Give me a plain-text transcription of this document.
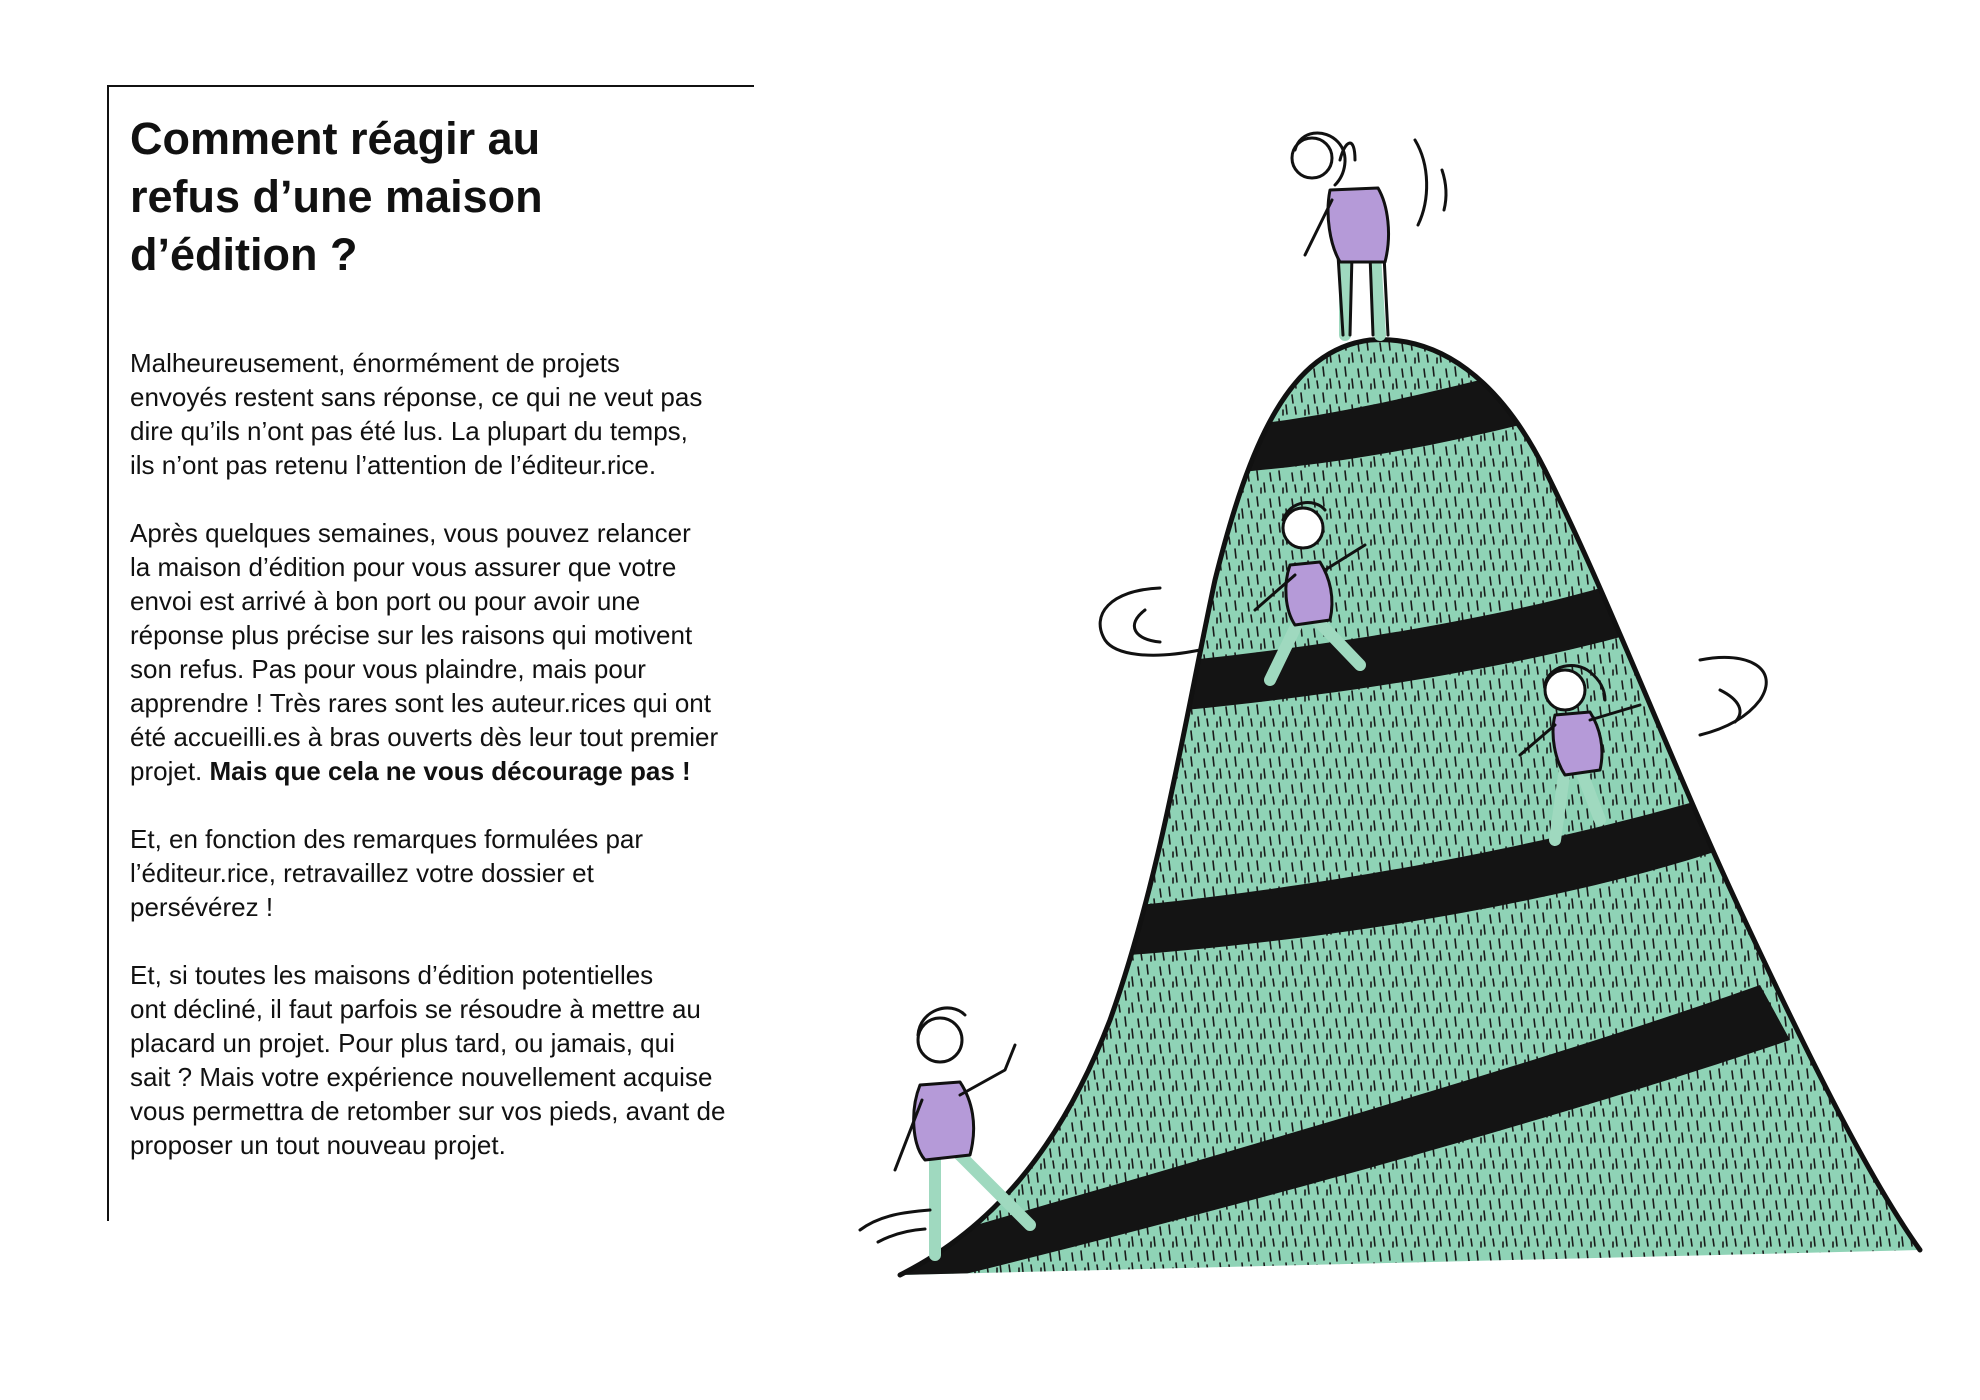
Comment réagir au
refus d’une maison
d’édition ?

Malheureusement, énormément de projets
envoyés restent sans réponse, ce qui ne veut pas
dire qu’ils n’ont pas été lus. La plupart du temps,
ils n’ont pas retenu l’attention de l’éditeur.rice.

Après quelques semaines, vous pouvez relancer
la maison d’édition pour vous assurer que votre
envoi est arrivé à bon port ou pour avoir une
réponse plus précise sur les raisons qui motivent
son refus. Pas pour vous plaindre, mais pour
apprendre ! Très rares sont les auteur.rices qui ont
été accueilli.es à bras ouverts dès leur tout premier
projet. Mais que cela ne vous décourage pas !

Et, en fonction des remarques formulées par
l’éditeur.rice, retravaillez votre dossier et
persévérez !

Et, si toutes les maisons d’édition potentielles
ont décliné, il faut parfois se résoudre à mettre au
placard un projet. Pour plus tard, ou jamais, qui
sait ? Mais votre expérience nouvellement acquise
vous permettra de retomber sur vos pieds, avant de
proposer un tout nouveau projet.
